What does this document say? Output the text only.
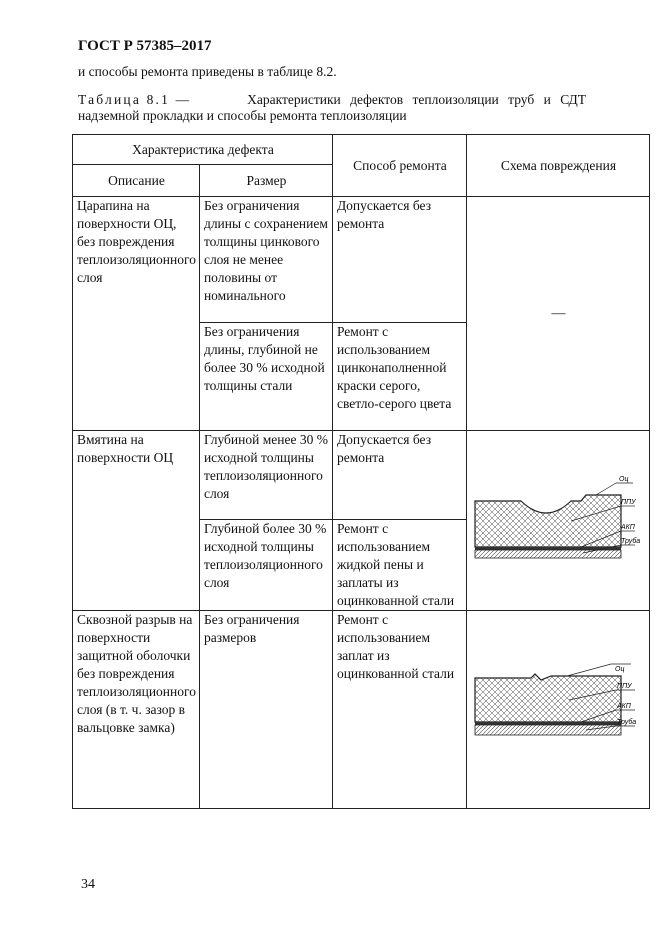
ГОСТ Р 57385–2017
и способы ремонта приведены в таблице 8.2.
Таблица 8.1 —	Характеристики дефектов теплоизоляции труб и СДТ
надземной прокладки и способы ремонта теплоизоляции
Характеристика дефекта		Способ ремонта	Схема повреждения
Описание	Размер		
Царапина на поверхности ОЦ, без повреждения теплоизоляционного слоя	Без ограничения длины с сохранением толщины цинкового слоя не менее половины от номинального	Допускается без ремонта	—
	Без ограничения длины, глубиной не более 30 % исходной толщины стали	Ремонт с использованием цинконаполненной краски серого, светло-серого цвета	
Вмятина на поверхности ОЦ	Глубиной менее 30 % исходной толщины теплоизоляционного слоя	Допускается без ремонта	Оц
ППУ
АКП
Труба

	Глубиной более 30 % исходной толщины теплоизоляционного слоя	Ремонт с использованием жидкой пены и заплаты из оцинкованной стали	
Сквозной разрыв на поверхности защитной оболочки без повреждения теплоизоляционного слоя (в т. ч. зазор в вальцовке замка)	Без ограничения размеров	Ремонт с использованием заплат из оцинкованной стали	Оц
ППУ
АКП
Труба
34
